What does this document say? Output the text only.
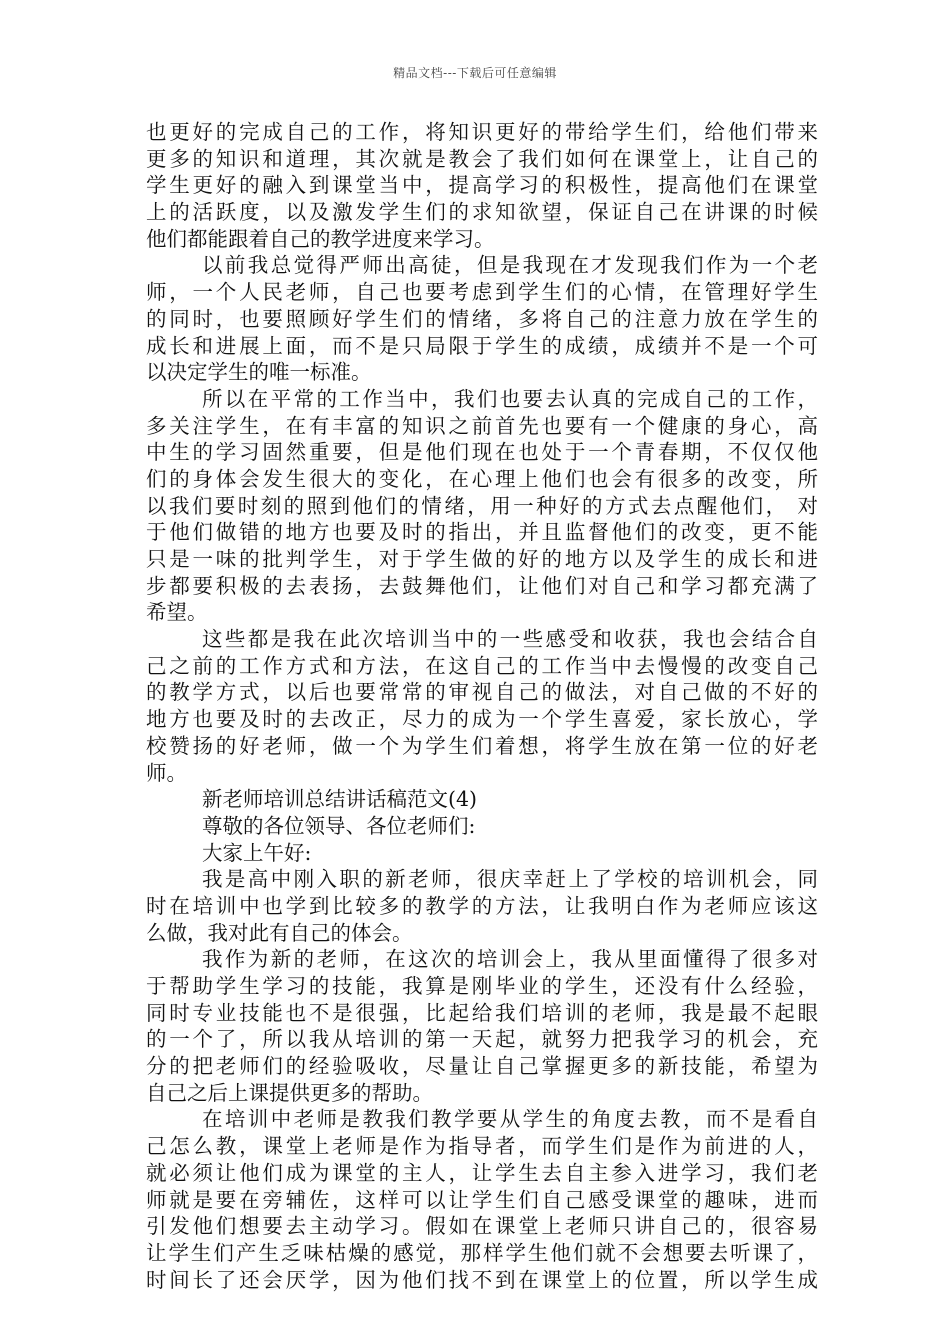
精品文档---下载后可任意编辑
也更好的完成自己的工作，将知识更好的带给学生们，给他们带来
更多的知识和道理，其次就是教会了我们如何在课堂上，让自己的
学生更好的融入到课堂当中，提高学习的积极性，提高他们在课堂
上的活跃度，以及激发学生们的求知欲望，保证自己在讲课的时候
他们都能跟着自己的教学进度来学习。
以前我总觉得严师出高徒，但是我现在才发现我们作为一个老
师，一个人民老师，自己也要考虑到学生们的心情，在管理好学生
的同时，也要照顾好学生们的情绪，多将自己的注意力放在学生的
成长和进展上面，而不是只局限于学生的成绩，成绩并不是一个可
以决定学生的唯一标准。
所以在平常的工作当中，我们也要去认真的完成自己的工作，
多关注学生，在有丰富的知识之前首先也要有一个健康的身心，高
中生的学习固然重要，但是他们现在也处于一个青春期，不仅仅他
们的身体会发生很大的变化，在心理上他们也会有很多的改变，所
以我们要时刻的照到他们的情绪，用一种好的方式去点醒他们， 对
于他们做错的地方也要及时的指出，并且监督他们的改变，更不能
只是一味的批判学生，对于学生做的好的地方以及学生的成长和进
步都要积极的去表扬，去鼓舞他们，让他们对自己和学习都充满了
希望。
这些都是我在此次培训当中的一些感受和收获，我也会结合自
己之前的工作方式和方法，在这自己的工作当中去慢慢的改变自己
的教学方式，以后也要常常的审视自己的做法，对自己做的不好的
地方也要及时的去改正，尽力的成为一个学生喜爱，家长放心，学
校赞扬的好老师，做一个为学生们着想，将学生放在第一位的好老
师。
新老师培训总结讲话稿范文(4)
尊敬的各位领导、各位老师们:
大家上午好:
我是高中刚入职的新老师，很庆幸赶上了学校的培训机会，同
时在培训中也学到比较多的教学的方法，让我明白作为老师应该这
么做，我对此有自己的体会。
我作为新的老师，在这次的培训会上，我从里面懂得了很多对
于帮助学生学习的技能，我算是刚毕业的学生，还没有什么经验，
同时专业技能也不是很强，比起给我们培训的老师，我是最不起眼
的一个了，所以我从培训的第一天起，就努力把我学习的机会，充
分的把老师们的经验吸收，尽量让自己掌握更多的新技能，希望为
自己之后上课提供更多的帮助。
在培训中老师是教我们教学要从学生的角度去教，而不是看自
己怎么教，课堂上老师是作为指导者，而学生们是作为前进的人，
就必须让他们成为课堂的主人，让学生去自主参入进学习，我们老
师就是要在旁辅佐，这样可以让学生们自己感受课堂的趣味，进而
引发他们想要去主动学习。假如在课堂上老师只讲自己的，很容易
让学生们产生乏味枯燥的感觉，那样学生他们就不会想要去听课了，
时间长了还会厌学，因为他们找不到在课堂上的位置，所以学生成
